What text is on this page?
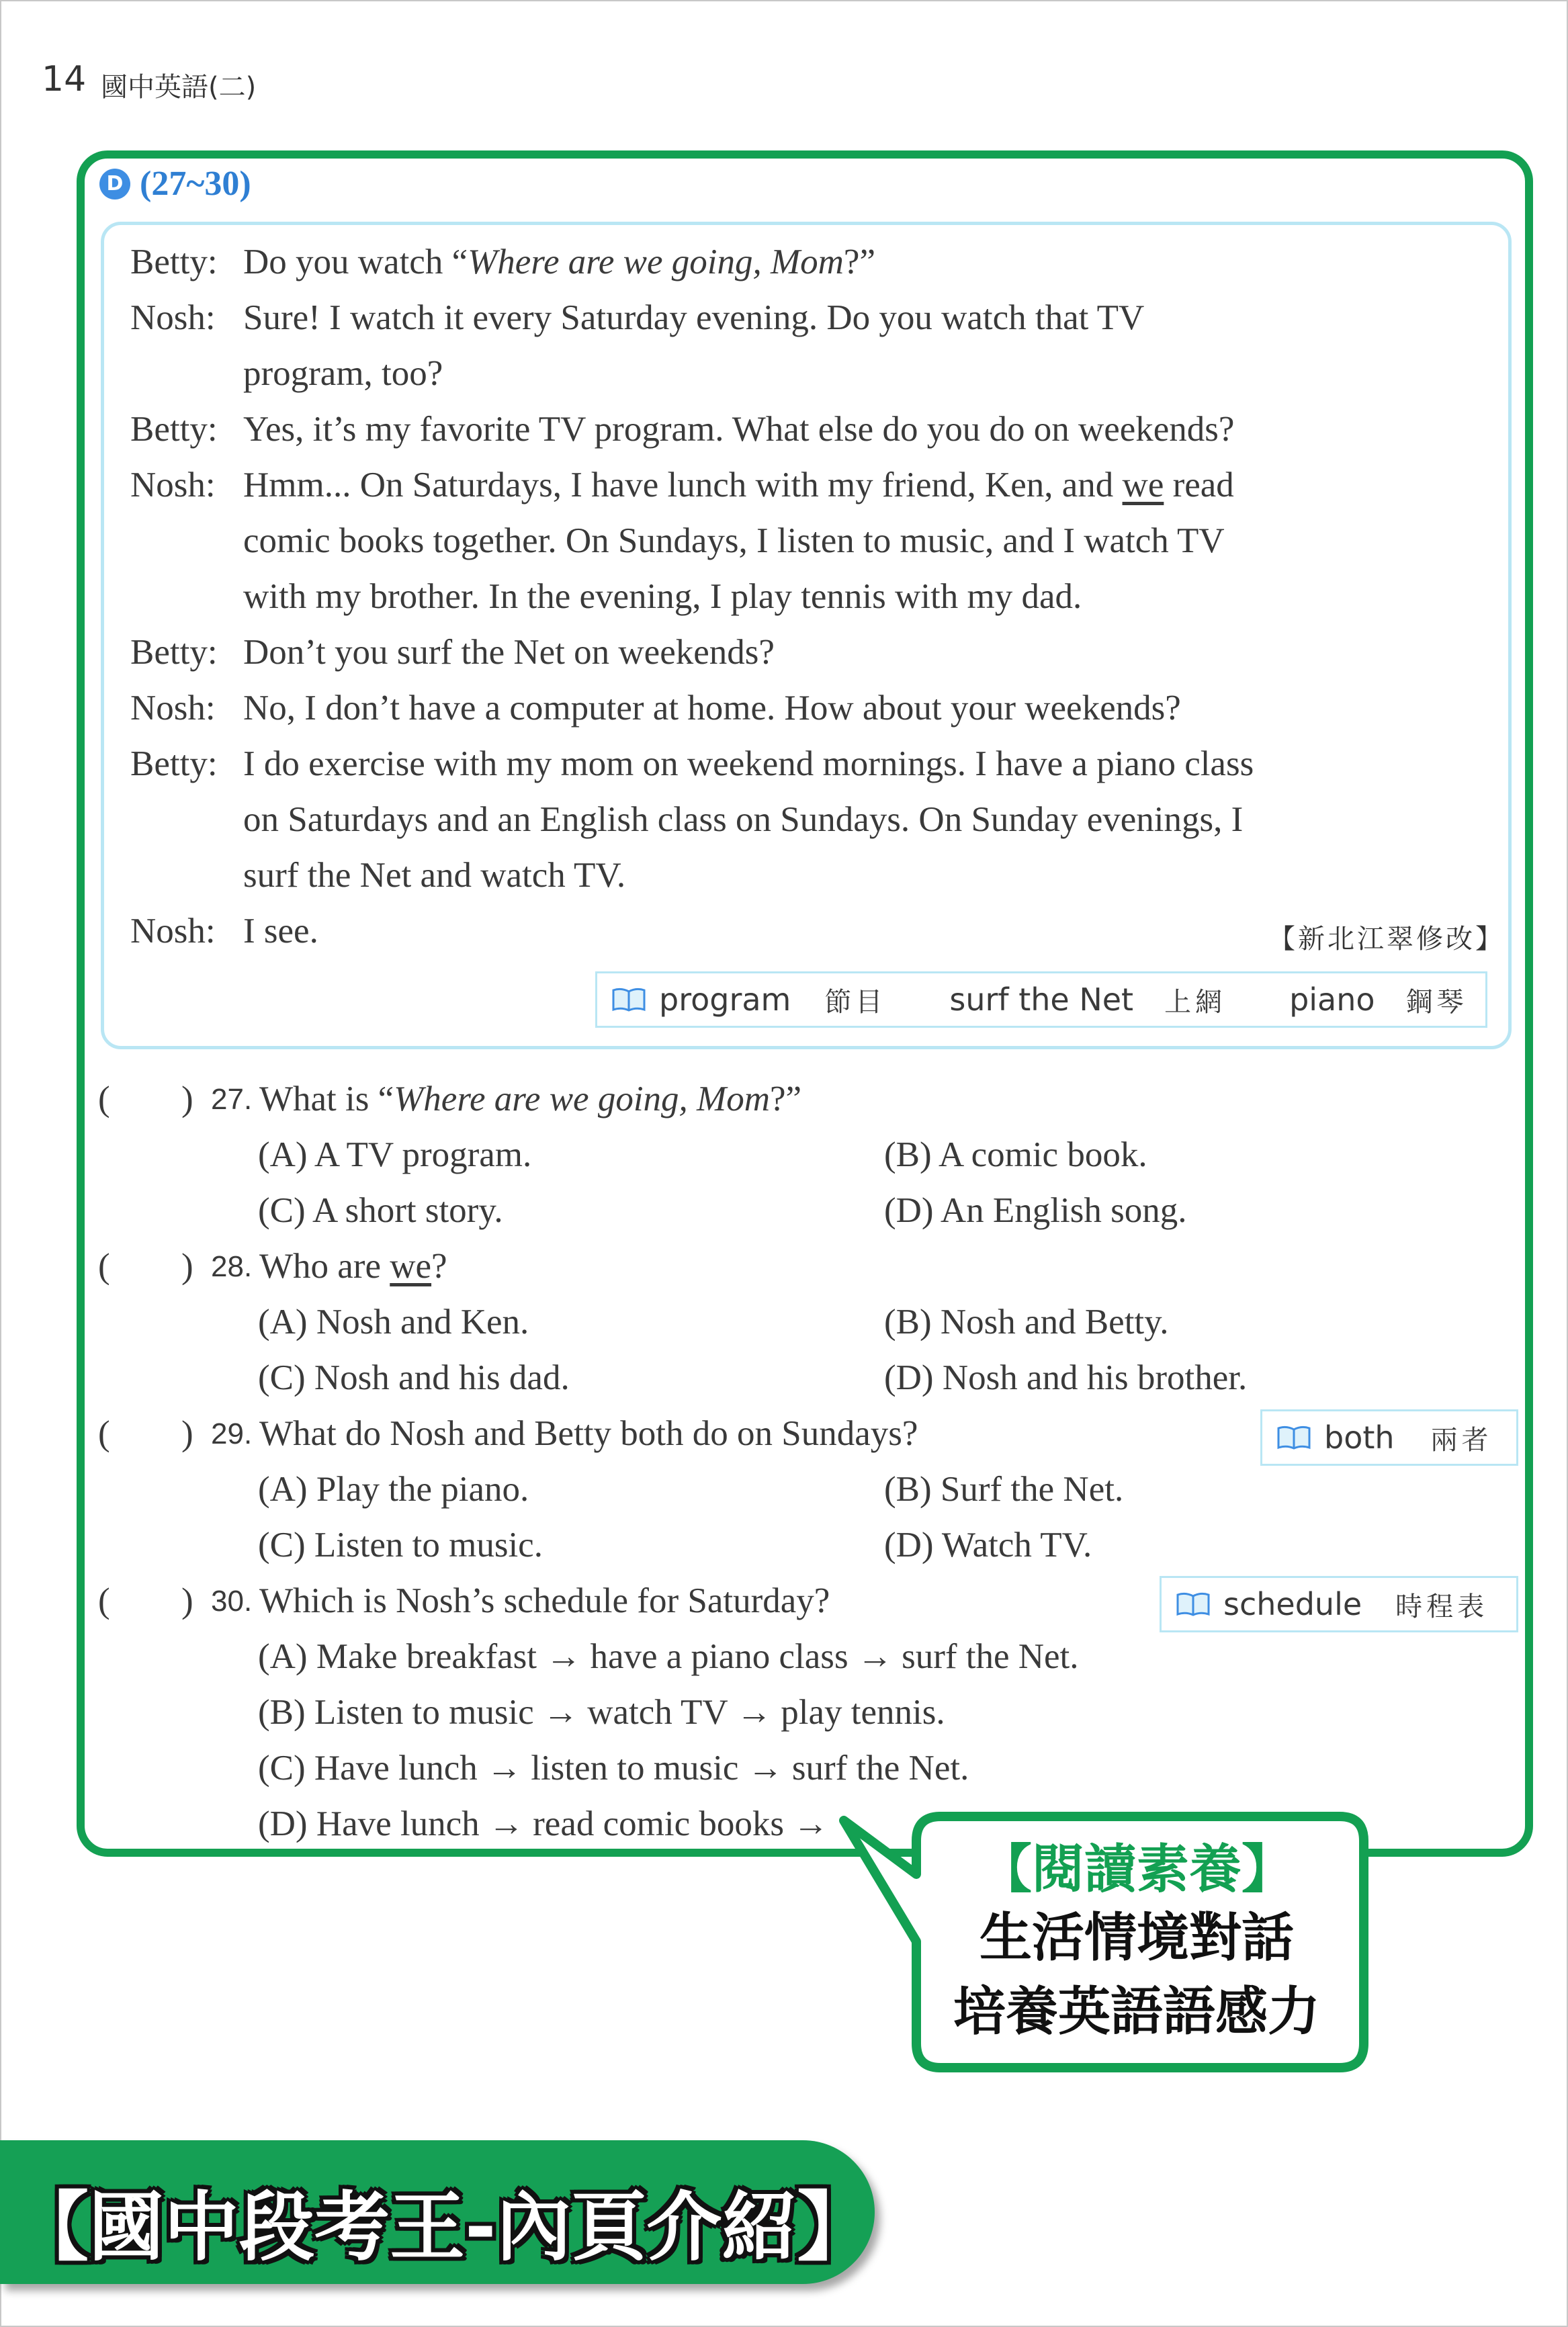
14 國中英語(二)
D (27~30)
Betty: Do you watch “Where are we going, Mom?”
Nosh: Sure! I watch it every Saturday evening. Do you watch that TV
program, too?
Betty: Yes, it’s my favorite TV program. What else do you do on weekends?
Nosh: Hmm... On Saturdays, I have lunch with my friend, Ken, and we read
comic books together. On Sundays, I listen to music, and I watch TV
with my brother. In the evening, I play tennis with my dad.
Betty: Don’t you surf the Net on weekends?
Nosh: No, I don’t have a computer at home. How about your weekends?
Betty: I do exercise with my mom on weekend mornings. I have a piano class
on Saturdays and an English class on Sundays. On Sunday evenings, I
surf the Net and watch TV.
Nosh: I see.	【新北江翠修改】
program 節目 surf the Net 上網 piano 鋼琴
( ) 27. What is “Where are we going, Mom?”
(A) A TV program.	(B) A comic book.
(C) A short story.	(D) An English song.
( ) 28. Who are we?
(A) Nosh and Ken.	(B) Nosh and Betty.
(C) Nosh and his dad.	(D) Nosh and his brother.
( ) 29. What do Nosh and Betty both do on Sundays?	both 兩者
(A) Play the piano.	(B) Surf the Net.
(C) Listen to music.	(D) Watch TV.
( ) 30. Which is Nosh’s schedule for Saturday?	schedule 時程表
(A) Make breakfast → have a piano class → surf the Net.
(B) Listen to music → watch TV → play tennis.
(C) Have lunch → listen to music → surf the Net.
(D) Have lunch → read comic books →
【閱讀素養】
生活情境對話
培養英語語感力
【國中段考王-內頁介紹】
